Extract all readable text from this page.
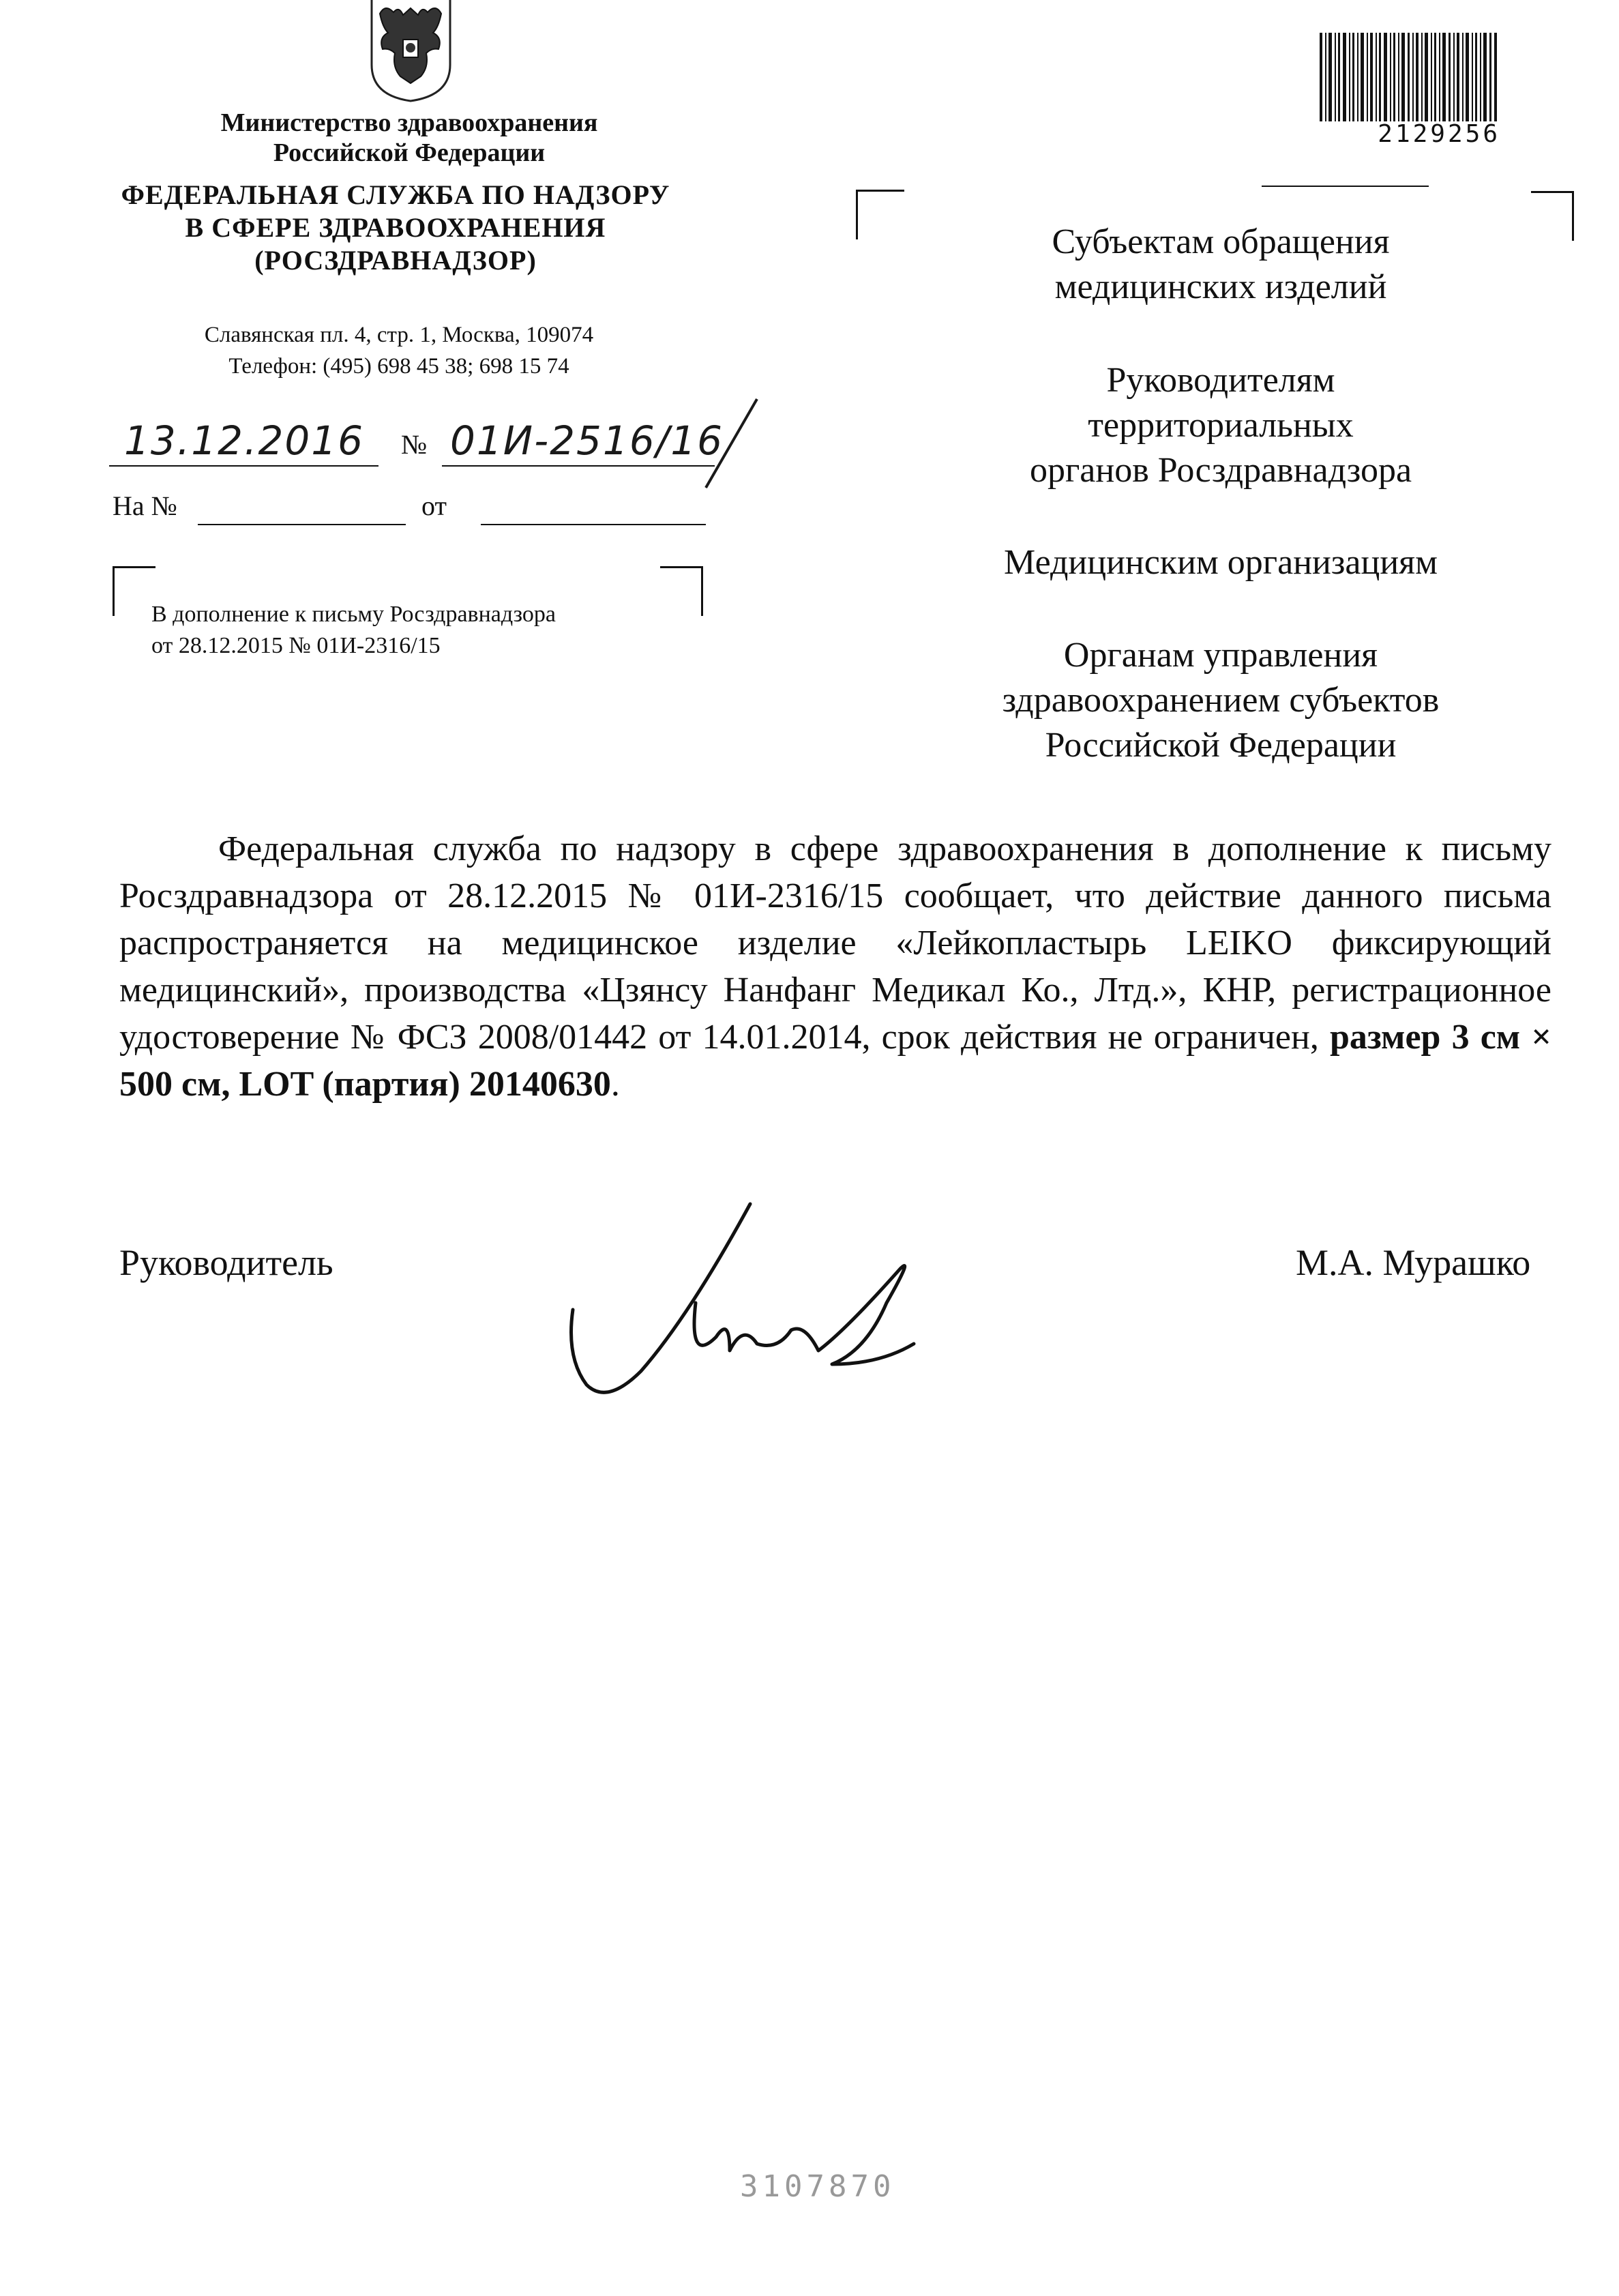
Министерство здравоохранения
Российской Федерации
ФЕДЕРАЛЬНАЯ СЛУЖБА ПО НАДЗОРУ
В СФЕРЕ ЗДРАВООХРАНЕНИЯ
(РОСЗДРАВНАДЗОР)
Славянская пл. 4, стр. 1, Москва, 109074
Телефон: (495) 698 45 38; 698 15 74
13.12.2016 № 01И-2516/16
На №	от
В дополнение к письму Росздравнадзора
от 28.12.2015 № 01И-2316/15
2129256
Субъектам обращения
медицинских изделий
Руководителям
территориальных
органов Росздравнадзора
Медицинским организациям
Органам управления
здравоохранением субъектов
Российской Федерации

Федеральная служба по надзору в сфере здравоохранения в дополнение к письму Росздравнадзора от 28.12.2015 № 01И-2316/15 сообщает, что действие данного письма распространяется на медицинское изделие «Лейкопластырь LEIKO фиксирующий медицинский», производства «Цзянсу Нанфанг Медикал Ко., Лтд.», КНР, регистрационное удостоверение № ФСЗ 2008/01442 от 14.01.2014, срок действия не ограничен, размер 3 см × 500 см, LOT (партия) 20140630.

Руководитель	М.А. Мурашко
3107870
